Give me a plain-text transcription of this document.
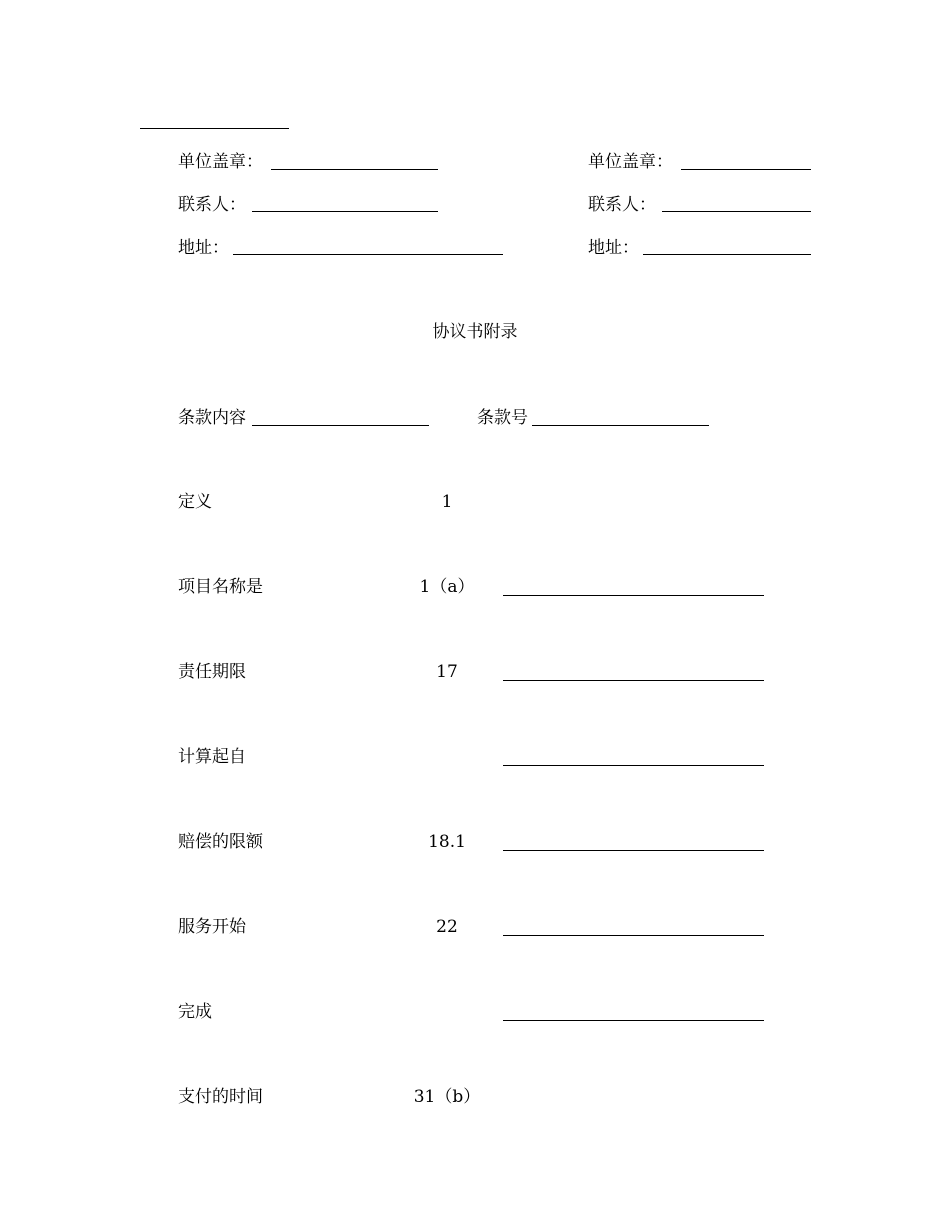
单位盖章：
联系人：
地址：
单位盖章：
联系人：
地址：
协议书附录
条款内容	条款号
定义	1
项目名称是	1（a）
责任期限	17
计算起自
赔偿的限额	18.1
服务开始	22
完成
支付的时间	31（b）
